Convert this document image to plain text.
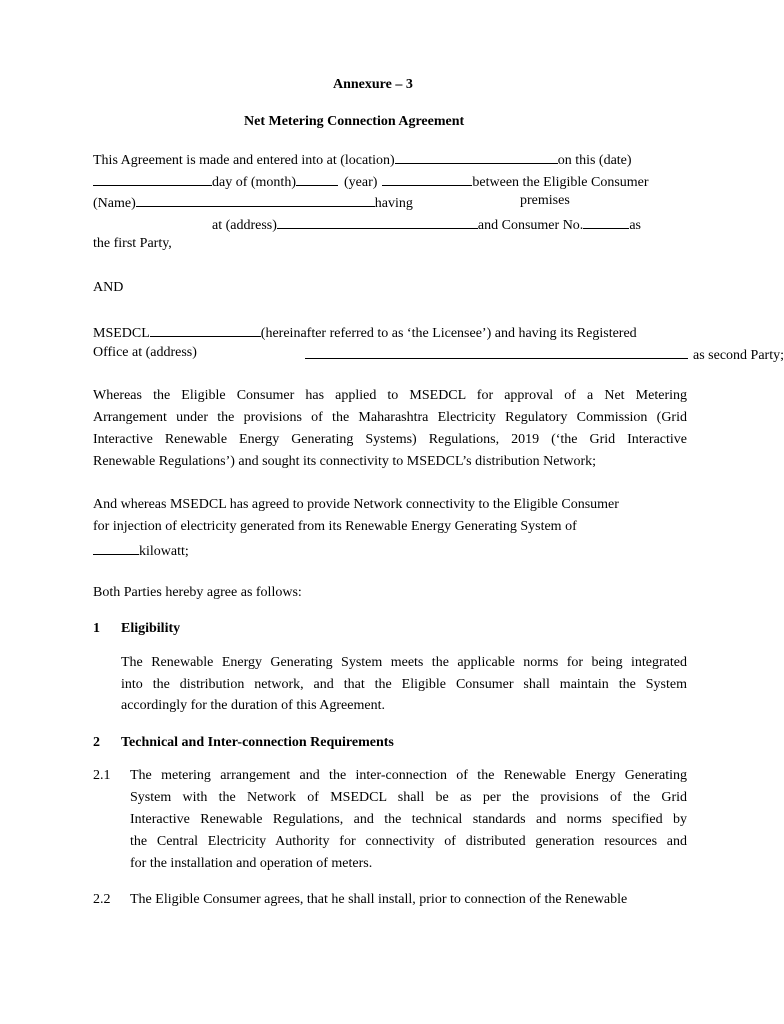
Annexure – 3
Net Metering Connection Agreement
This Agreement is made and entered into at (location)	on this (date)
day of (month)	(year)	between the Eligible Consumer
(Name)	having	premises
at (address)	and Consumer No.	as
the first Party,
AND
MSEDCL	(hereinafter referred to as ‘the Licensee’) and having its Registered
Office at (address)	as second Party;
Whereas the Eligible Consumer has applied to MSEDCL for approval of a Net Metering
Arrangement under the provisions of the Maharashtra Electricity Regulatory Commission (Grid
Interactive Renewable Energy Generating Systems) Regulations, 2019 (‘the Grid Interactive
Renewable Regulations’) and sought its connectivity to MSEDCL’s distribution Network;
And whereas MSEDCL has agreed to provide Network connectivity to the Eligible Consumer
for injection of electricity generated from its Renewable Energy Generating System of
kilowatt;
Both Parties hereby agree as follows:
1 Eligibility
The Renewable Energy Generating System meets the applicable norms for being integrated
into the distribution network, and that the Eligible Consumer shall maintain the System
accordingly for the duration of this Agreement.
2 Technical and Inter-connection Requirements
2.1 The metering arrangement and the inter-connection of the Renewable Energy Generating
System with the Network of MSEDCL shall be as per the provisions of the Grid
Interactive Renewable Regulations, and the technical standards and norms specified by
the Central Electricity Authority for connectivity of distributed generation resources and
for the installation and operation of meters.
2.2 The Eligible Consumer agrees, that he shall install, prior to connection of the Renewable
